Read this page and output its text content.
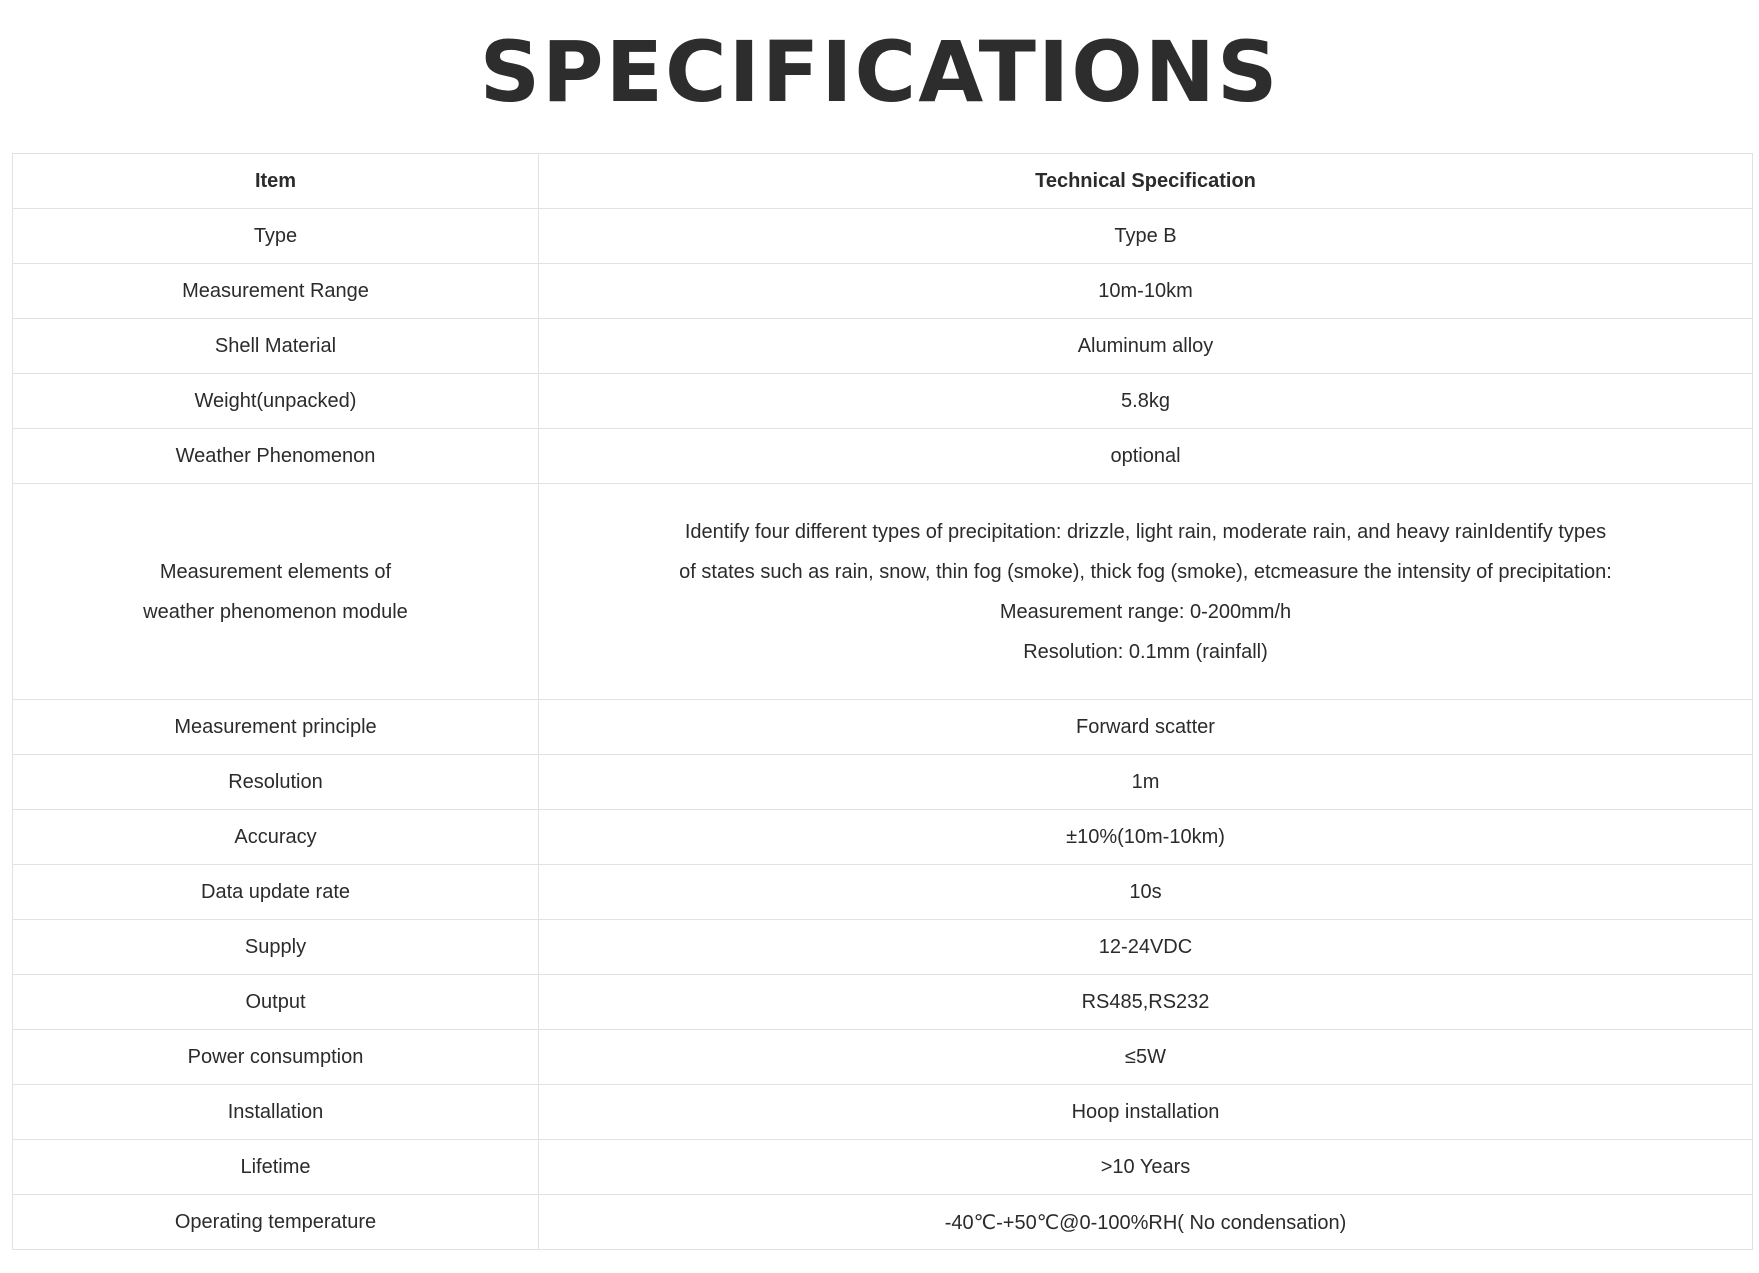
SPECIFICATIONS
Item	Technical Specification
Type	Type B
Measurement Range	10m-10km
Shell Material	Aluminum alloy
Weight(unpacked)	5.8kg
Weather Phenomenon	optional
Measurement elements of weather phenomenon module	Identify four different types of precipitation: drizzle, light rain, moderate rain, and heavy rainIdentify types of states such as rain, snow, thin fog (smoke), thick fog (smoke), etcmeasure the intensity of precipitation:
Measurement range: 0-200mm/h
Resolution: 0.1mm (rainfall)

Measurement principle	Forward scatter
Resolution	1m
Accuracy	±10%(10m-10km)
Data update rate	10s
Supply	12-24VDC
Output	RS485,RS232
Power consumption	≤5W
Installation	Hoop installation
Lifetime	>10 Years
Operating temperature	-40℃-+50℃@0-100%RH( No condensation)
